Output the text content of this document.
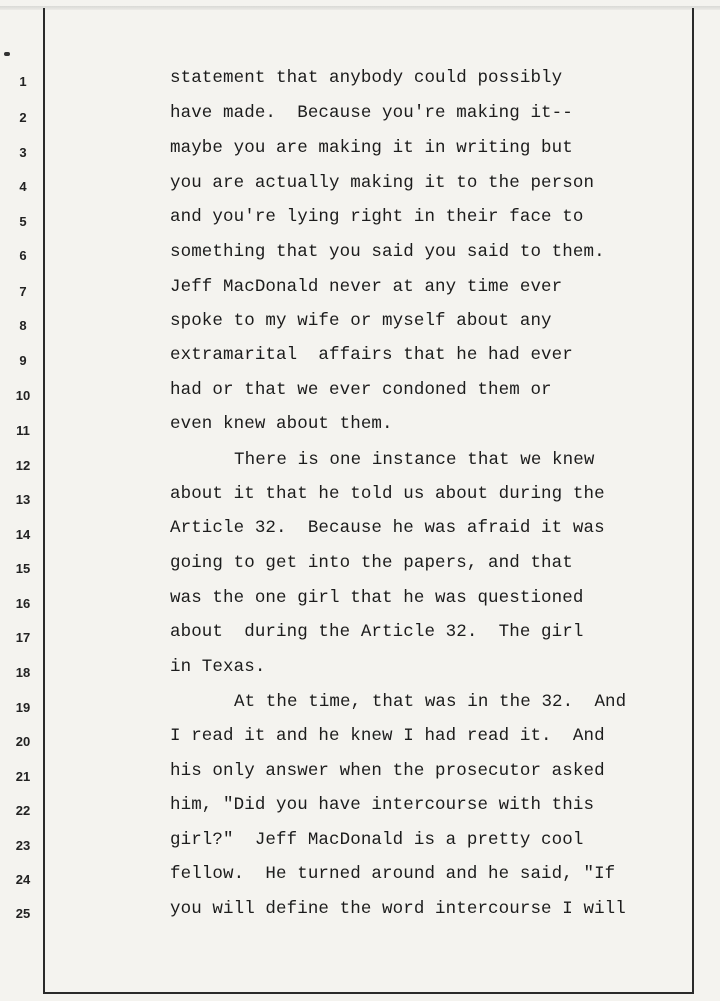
1	statement that anybody could possibly
2	have made.  Because you're making it--
3	maybe you are making it in writing but
4	you are actually making it to the person
5	and you're lying right in their face to
6	something that you said you said to them.
7	Jeff MacDonald never at any time ever
8	spoke to my wife or myself about any
9	extramarital  affairs that he had ever
10	had or that we ever condoned them or
11	even knew about them.
12	There is one instance that we knew
13	about it that he told us about during the
14	Article 32.  Because he was afraid it was
15	going to get into the papers, and that
16	was the one girl that he was questioned
17	about  during the Article 32.  The girl
18	in Texas.
19	At the time, that was in the 32.  And
20	I read it and he knew I had read it.  And
21	his only answer when the prosecutor asked
22	him, "Did you have intercourse with this
23	girl?"  Jeff MacDonald is a pretty cool
24	fellow.  He turned around and he said, "If
25	you will define the word intercourse I will
